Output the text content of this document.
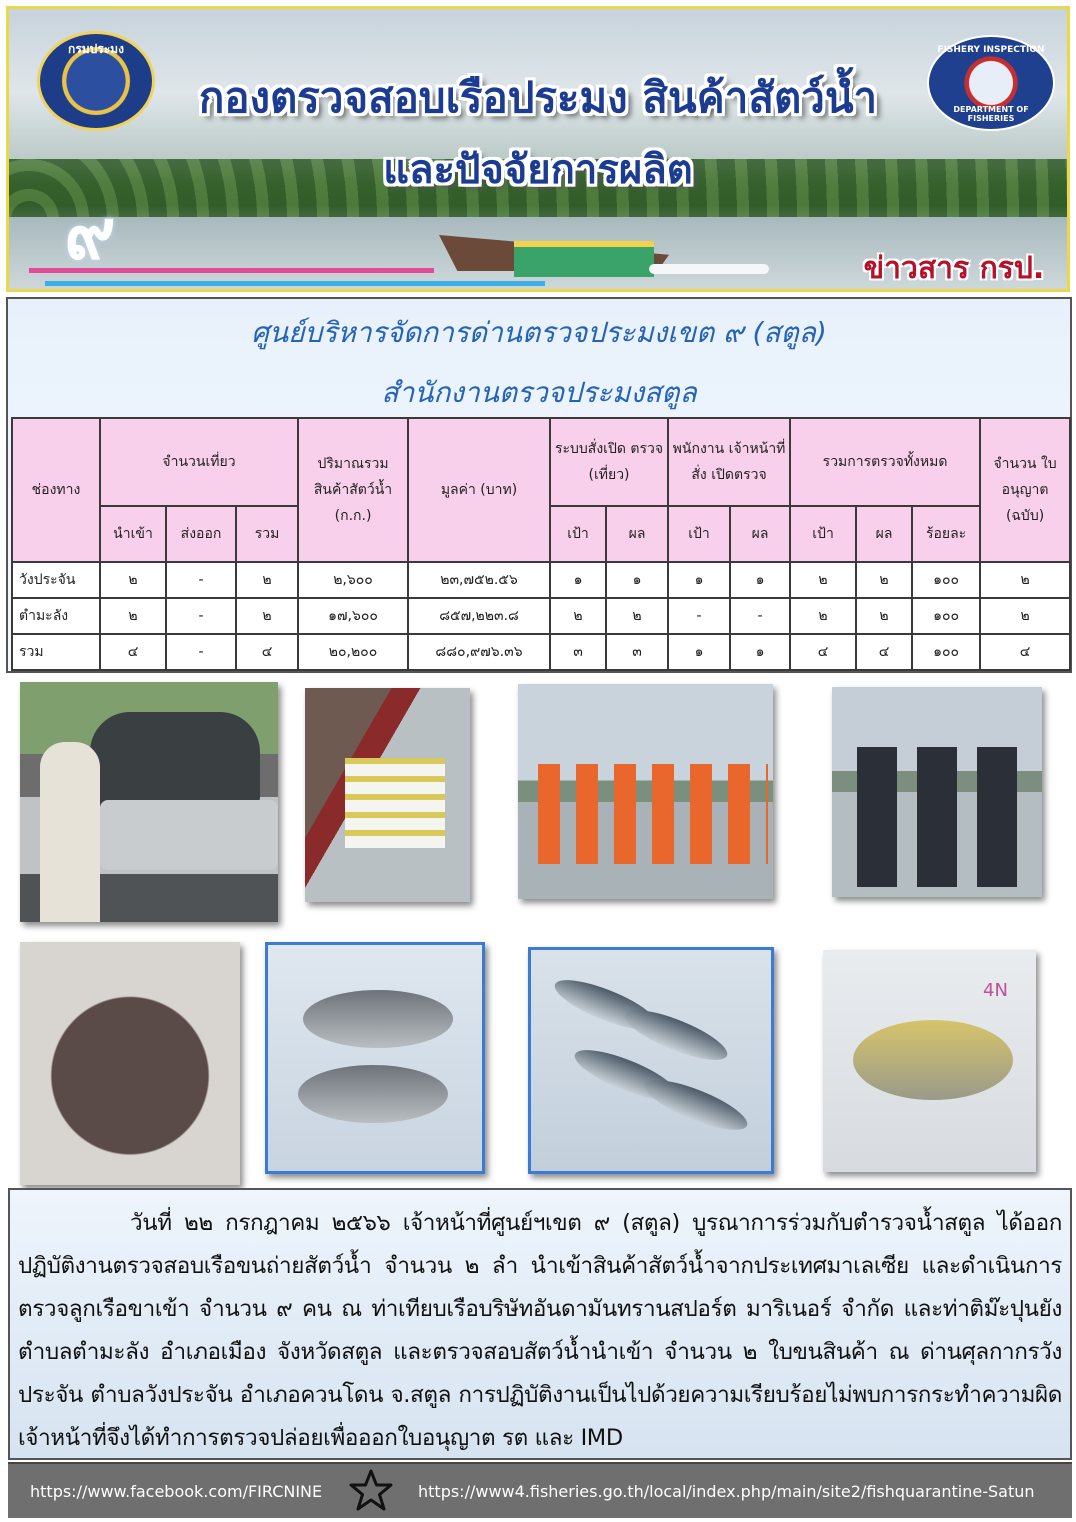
กรมประมง	FISHERY INSPECTION
DEPARTMENT OF FISHERIES
๙
กองตรวจสอบเรือประมง สินค้าสัตว์น้ำ
และปัจจัยการผลิต
ข่าวสาร กรป.
ศูนย์บริหารจัดการด่านตรวจประมงเขต ๙ (สตูล)
สำนักงานตรวจประมงสตูล
ช่องทาง	จำนวนเที่ยว			ปริมาณรวม สินค้าสัตว์น้ำ (ก.ก.)	มูลค่า (บาท)	ระบบสั่งเปิด ตรวจ (เที่ยว)		พนักงาน เจ้าหน้าที่สั่ง เปิดตรวจ		รวมการตรวจทั้งหมด			จำนวน ใบอนุญาต (ฉบับ)
	นำเข้า	ส่งออก	รวม			เป้า	ผล	เป้า	ผล	เป้า	ผล	ร้อยละ	
วังประจัน	๒	-	๒	๒,๖๐๐	๒๓,๗๕๒.๕๖	๑	๑	๑	๑	๒	๒	๑๐๐	๒
ตำมะลัง	๒	-	๒	๑๗,๖๐๐	๘๕๗,๒๒๓.๘	๒	๒	-	-	๒	๒	๑๐๐	๒
รวม	๔	-	๔	๒๐,๒๐๐	๘๘๐,๙๗๖.๓๖	๓	๓	๑	๑	๔	๔	๑๐๐	๔
4N

วันที่ ๒๒ กรกฎาคม ๒๕๖๖ เจ้าหน้าที่ศูนย์ฯเขต ๙ (สตูล) บูรณาการร่วมกับตำรวจน้ำสตูล ได้ออกปฏิบัติงานตรวจสอบเรือขนถ่ายสัตว์น้ำ จำนวน ๒ ลำ นำเข้าสินค้าสัตว์น้ำจากประเทศมาเลเซีย และดำเนินการตรวจลูกเรือขาเข้า จำนวน ๙ คน ณ ท่าเทียบเรือบริษัทอันดามันทรานสปอร์ต มาริเนอร์ จำกัด และท่าติม๊ะปุนยัง ตำบลตำมะลัง อำเภอเมือง จังหวัดสตูล และตรวจสอบสัตว์น้ำนำเข้า จำนวน ๒ ใบขนสินค้า ณ ด่านศุลกากรวังประจัน ตำบลวังประจัน อำเภอควนโดน จ.สตูล การปฏิบัติงานเป็นไปด้วยความเรียบร้อยไม่พบการกระทำความผิด เจ้าหน้าที่จึงได้ทำการตรวจปล่อยเพื่อออกใบอนุญาต รต และ IMD

https://www.facebook.com/FIRCNINE	https://www4.fisheries.go.th/local/index.php/main/site2/fishquarantine-Satun
